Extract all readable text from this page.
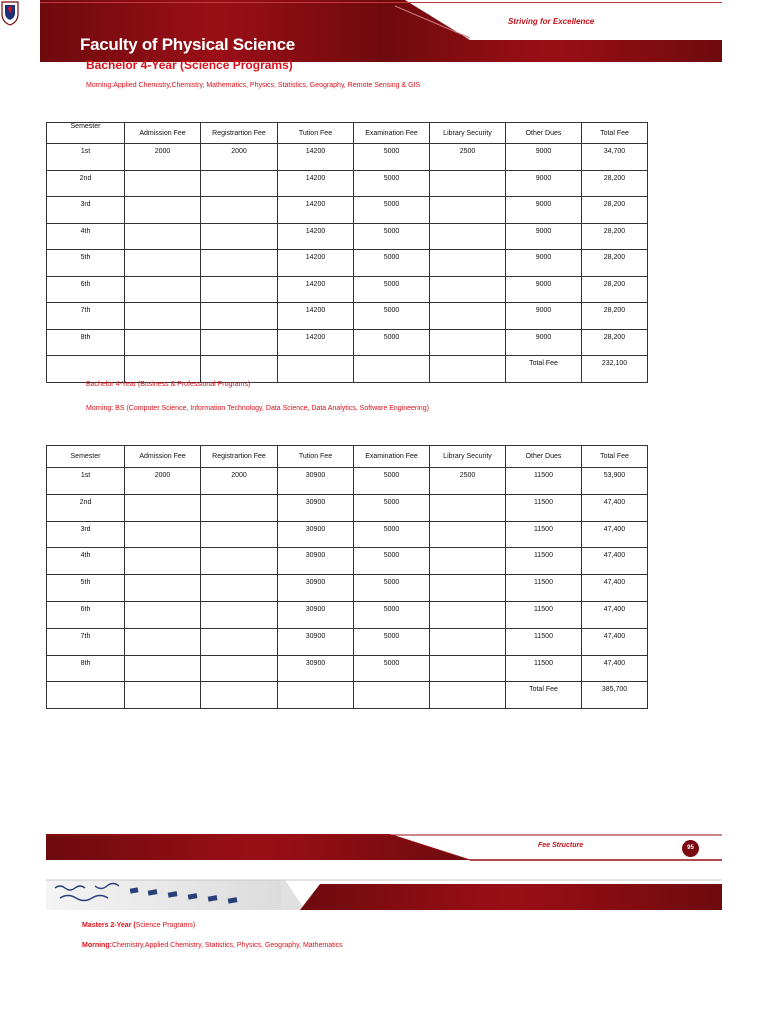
Faculty of Physical Science
Striving for Excellence
Bachelor 4-Year (Science Programs)
Morning:Applied Chemistry,Chemistry, Mathematics, Physics, Statistics, Geography, Remote Sensing & GIS
Semester	Admission Fee	Registrartion Fee	Tution Fee	Examination Fee	Library Security	Other Dues	Total Fee

1st	2000	2000	14200	5000	2500	9000	34,700

2nd			14200	5000		9000	28,200

3rd			14200	5000		9000	28,200

4th			14200	5000		9000	28,200

5th			14200	5000		9000	28,200

6th			14200	5000		9000	28,200

7th			14200	5000		9000	28,200

8th			14200	5000		9000	28,200

						Total Fee	232,100
Bachelor 4-Year (Business & Professional Programs)
Morning: BS (Computer Science, Information Technology, Data Science, Data Analytics, Software Engineering)
Semester	Admission Fee	Registrartion Fee	Tution Fee	Examination Fee	Library Security	Other Dues	Total Fee

1st	2000	2000	30900	5000	2500	11500	53,900

2nd			30900	5000		11500	47,400

3rd			30900	5000		11500	47,400

4th			30900	5000		11500	47,400

5th			30900	5000		11500	47,400

6th			30900	5000		11500	47,400

7th			30900	5000		11500	47,400

8th			30900	5000		11500	47,400

						Total Fee	385,700
Fee Structure	95
Masters 2-Year (Science Programs)
Morning:Chemistry,Applied Chemistry, Statistics, Physics, Geography, Mathematics
